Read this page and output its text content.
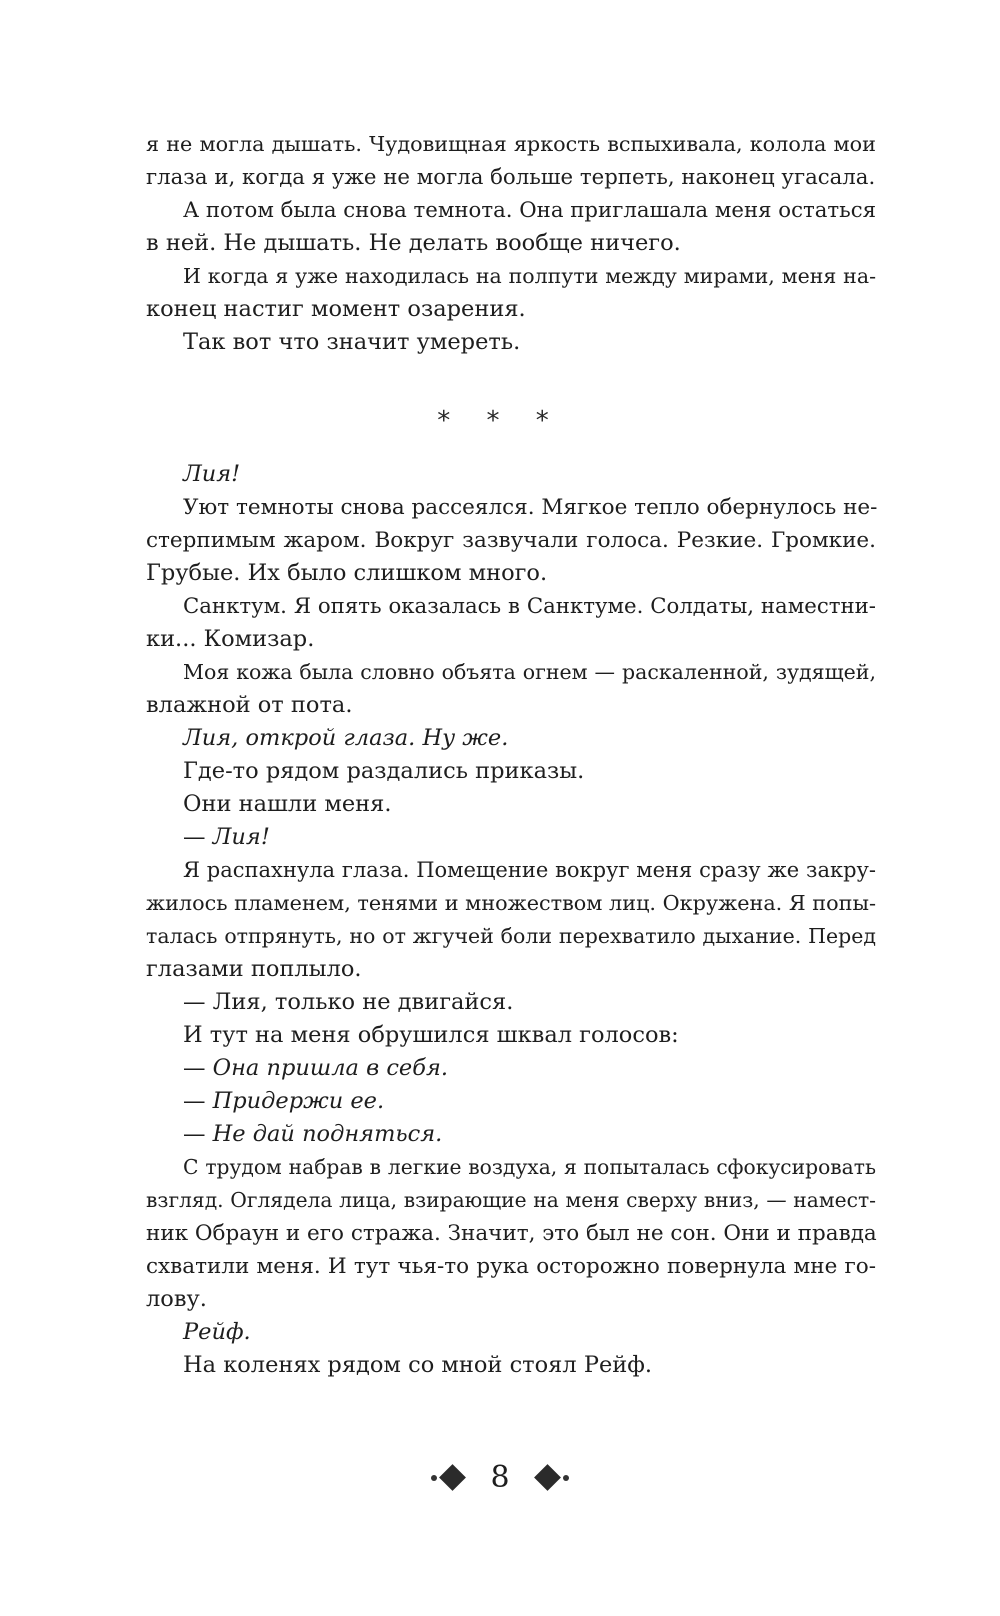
я не могла дышать. Чудовищная яркость вспыхивала, колола мои
глаза и, когда я уже не могла больше терпеть, наконец угасала.
А потом была снова темнота. Она приглашала меня остаться
в ней. Не дышать. Не делать вообще ничего.
И когда я уже находилась на полпути между мирами, меня на-
конец настиг момент озарения.
Так вот что значит умереть.
* * *
Лия!
Уют темноты снова рассеялся. Мягкое тепло обернулось не-
стерпимым жаром. Вокруг зазвучали голоса. Резкие. Громкие.
Грубые. Их было слишком много.
Санктум. Я опять оказалась в Санктуме. Солдаты, наместни-
ки... Комизар.
Моя кожа была словно объята огнем — раскаленной, зудящей,
влажной от пота.
Лия, открой глаза. Ну же.
Где-то рядом раздались приказы.
Они нашли меня.
— Лия!
Я распахнула глаза. Помещение вокруг меня сразу же закру-
жилось пламенем, тенями и множеством лиц. Окружена. Я попы-
талась отпрянуть, но от жгучей боли перехватило дыхание. Перед
глазами поплыло.
— Лия, только не двигайся.
И тут на меня обрушился шквал голосов:
— Она пришла в себя.
— Придержи ее.
— Не дай подняться.
С трудом набрав в легкие воздуха, я попыталась сфокусировать
взгляд. Оглядела лица, взирающие на меня сверху вниз, — намест-
ник Обраун и его стража. Значит, это был не сон. Они и правда
схватили меня. И тут чья-то рука осторожно повернула мне го-
лову.
Рейф.
На коленях рядом со мной стоял Рейф.
8
